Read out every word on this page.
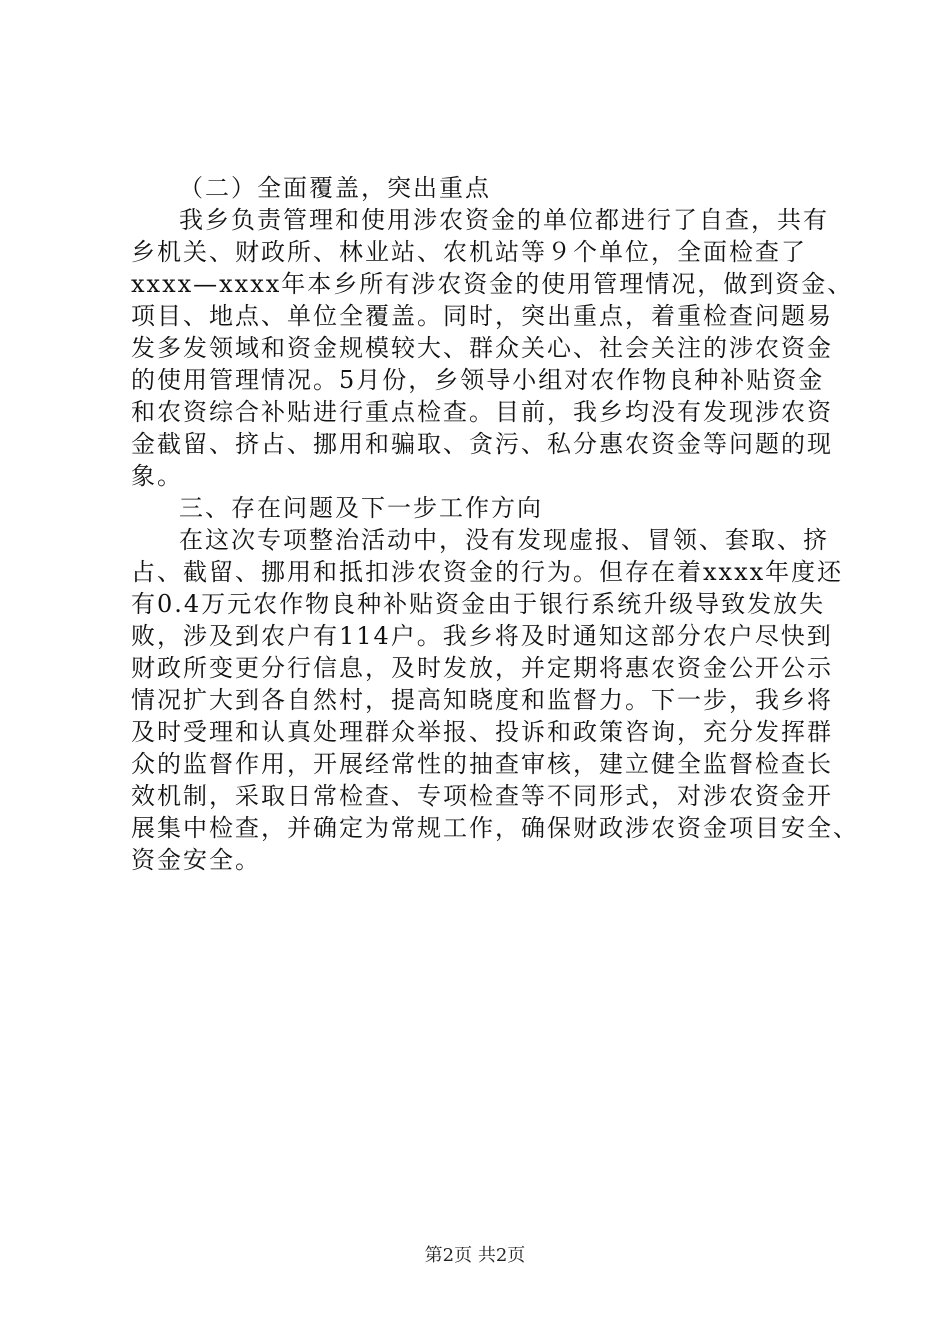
（二）全面覆盖，突出重点
我乡负责管理和使用涉农资金的单位都进行了自查，共有
乡机关、财政所、林业站、农机站等９个单位，全面检查了
xxxx—xxxx年本乡所有涉农资金的使用管理情况，做到资金、
项目、地点、单位全覆盖。同时，突出重点，着重检查问题易
发多发领域和资金规模较大、群众关心、社会关注的涉农资金
的使用管理情况。5月份，乡领导小组对农作物良种补贴资金
和农资综合补贴进行重点检查。目前，我乡均没有发现涉农资
金截留、挤占、挪用和骗取、贪污、私分惠农资金等问题的现
象。
三、存在问题及下一步工作方向
在这次专项整治活动中，没有发现虚报、冒领、套取、挤
占、截留、挪用和抵扣涉农资金的行为。但存在着xxxx年度还
有0.4万元农作物良种补贴资金由于银行系统升级导致发放失
败，涉及到农户有114户。我乡将及时通知这部分农户尽快到
财政所变更分行信息，及时发放，并定期将惠农资金公开公示
情况扩大到各自然村，提高知晓度和监督力。下一步，我乡将
及时受理和认真处理群众举报、投诉和政策咨询，充分发挥群
众的监督作用，开展经常性的抽查审核，建立健全监督检查长
效机制，采取日常检查、专项检查等不同形式，对涉农资金开
展集中检查，并确定为常规工作，确保财政涉农资金项目安全、
资金安全。
第2页 共2页
